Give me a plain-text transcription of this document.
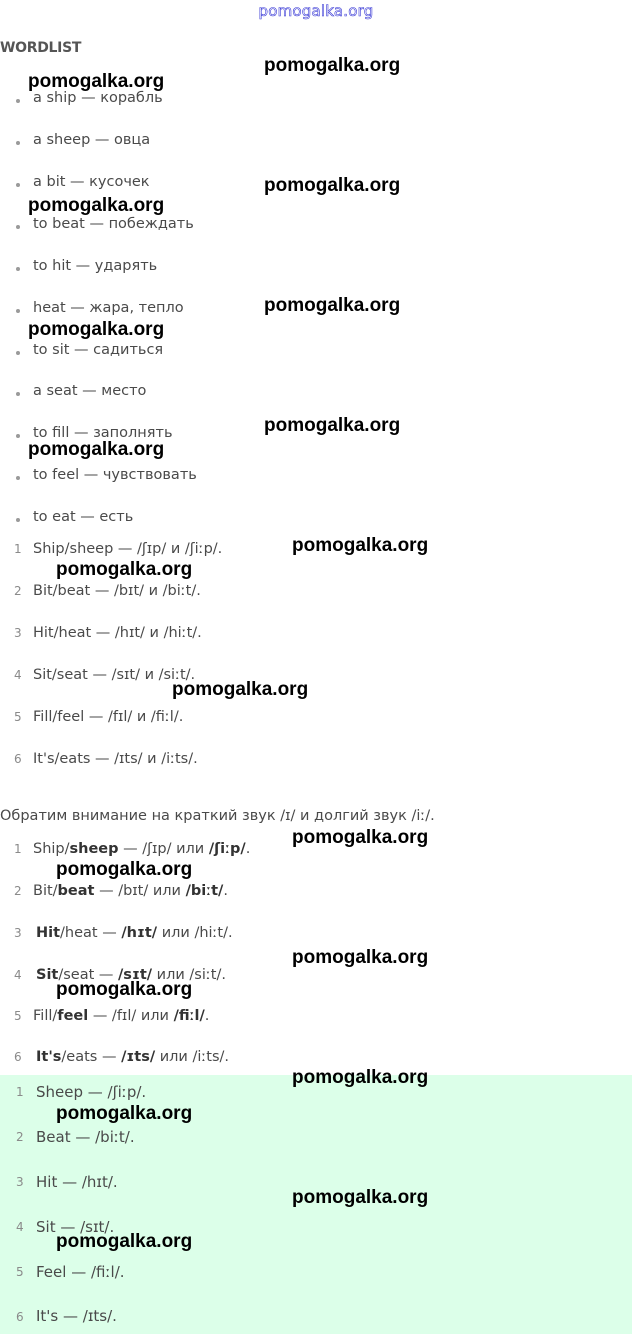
pomogalka.org
WORDLIST
a ship — корабль
a sheep — овца
a bit — кусочек
to beat — побеждать
to hit — ударять
heat — жара, тепло
to sit — садиться
a seat — место
to fill — заполнять
to feel — чувствовать
to eat — есть
1 Ship/sheep — /ʃɪp/ и /ʃiːp/.
2 Bit/beat — /bɪt/ и /biːt/.
3 Hit/heat — /hɪt/ и /hiːt/.
4 Sit/seat — /sɪt/ и /siːt/.
5 Fill/feel — /fɪl/ и /fiːl/.
6 It's/eats — /ɪts/ и /iːts/.
Обратим внимание на краткий звук /ɪ/ и долгий звук /iː/.
1 Ship/sheep — /ʃɪp/ или /ʃiːp/.
2 Bit/beat — /bɪt/ или /biːt/.
3 Hit/heat — /hɪt/ или /hiːt/.
4 Sit/seat — /sɪt/ или /siːt/.
5 Fill/feel — /fɪl/ или /fiːl/.
6 It's/eats — /ɪts/ или /iːts/.
1 Sheep — /ʃiːp/.
2 Beat — /biːt/.
3 Hit — /hɪt/.
4 Sit — /sɪt/.
5 Feel — /fiːl/.
6 It's — /ɪts/.
pomogalka.org
pomogalka.org
pomogalka.org
pomogalka.org
pomogalka.org
pomogalka.org
pomogalka.org
pomogalka.org
pomogalka.org
pomogalka.org
pomogalka.org
pomogalka.org
pomogalka.org
pomogalka.org
pomogalka.org
pomogalka.org
pomogalka.org
pomogalka.org
pomogalka.org
